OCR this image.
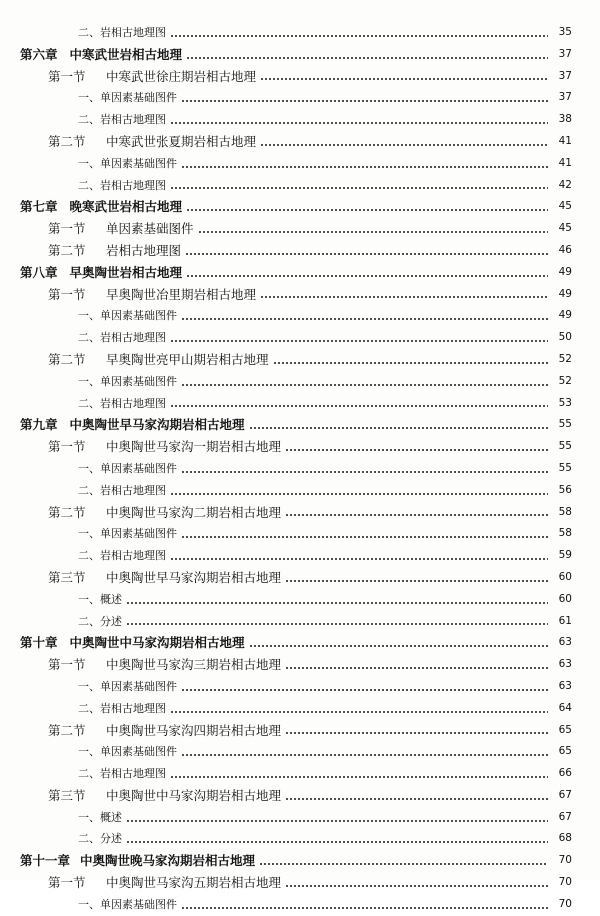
二、岩相古地理图	35
第六章 中寒武世岩相古地理	37
第一节 中寒武世徐庄期岩相古地理	37
一、单因素基础图件	37
二、岩相古地理图	38
第二节 中寒武世张夏期岩相古地理	41
一、单因素基础图件	41
二、岩相古地理图	42
第七章 晚寒武世岩相古地理	45
第一节 单因素基础图件	45
第二节 岩相古地理图	46
第八章 早奥陶世岩相古地理	49
第一节 早奥陶世冶里期岩相古地理	49
一、单因素基础图件	49
二、岩相古地理图	50
第二节 早奥陶世亮甲山期岩相古地理	52
一、单因素基础图件	52
二、岩相古地理图	53
第九章 中奥陶世早马家沟期岩相古地理	55
第一节 中奥陶世马家沟一期岩相古地理	55
一、单因素基础图件	55
二、岩相古地理图	56
第二节 中奥陶世马家沟二期岩相古地理	58
一、单因素基础图件	58
二、岩相古地理图	59
第三节 中奥陶世早马家沟期岩相古地理	60
一、概述	60
二、分述	61
第十章 中奥陶世中马家沟期岩相古地理	63
第一节 中奥陶世马家沟三期岩相古地理	63
一、单因素基础图件	63
二、岩相古地理图	64
第二节 中奥陶世马家沟四期岩相古地理	65
一、单因素基础图件	65
二、岩相古地理图	66
第三节 中奥陶世中马家沟期岩相古地理	67
一、概述	67
二、分述	68
第十一章 中奥陶世晚马家沟期岩相古地理	70
第一节 中奥陶世马家沟五期岩相古地理	70
一、单因素基础图件	70
